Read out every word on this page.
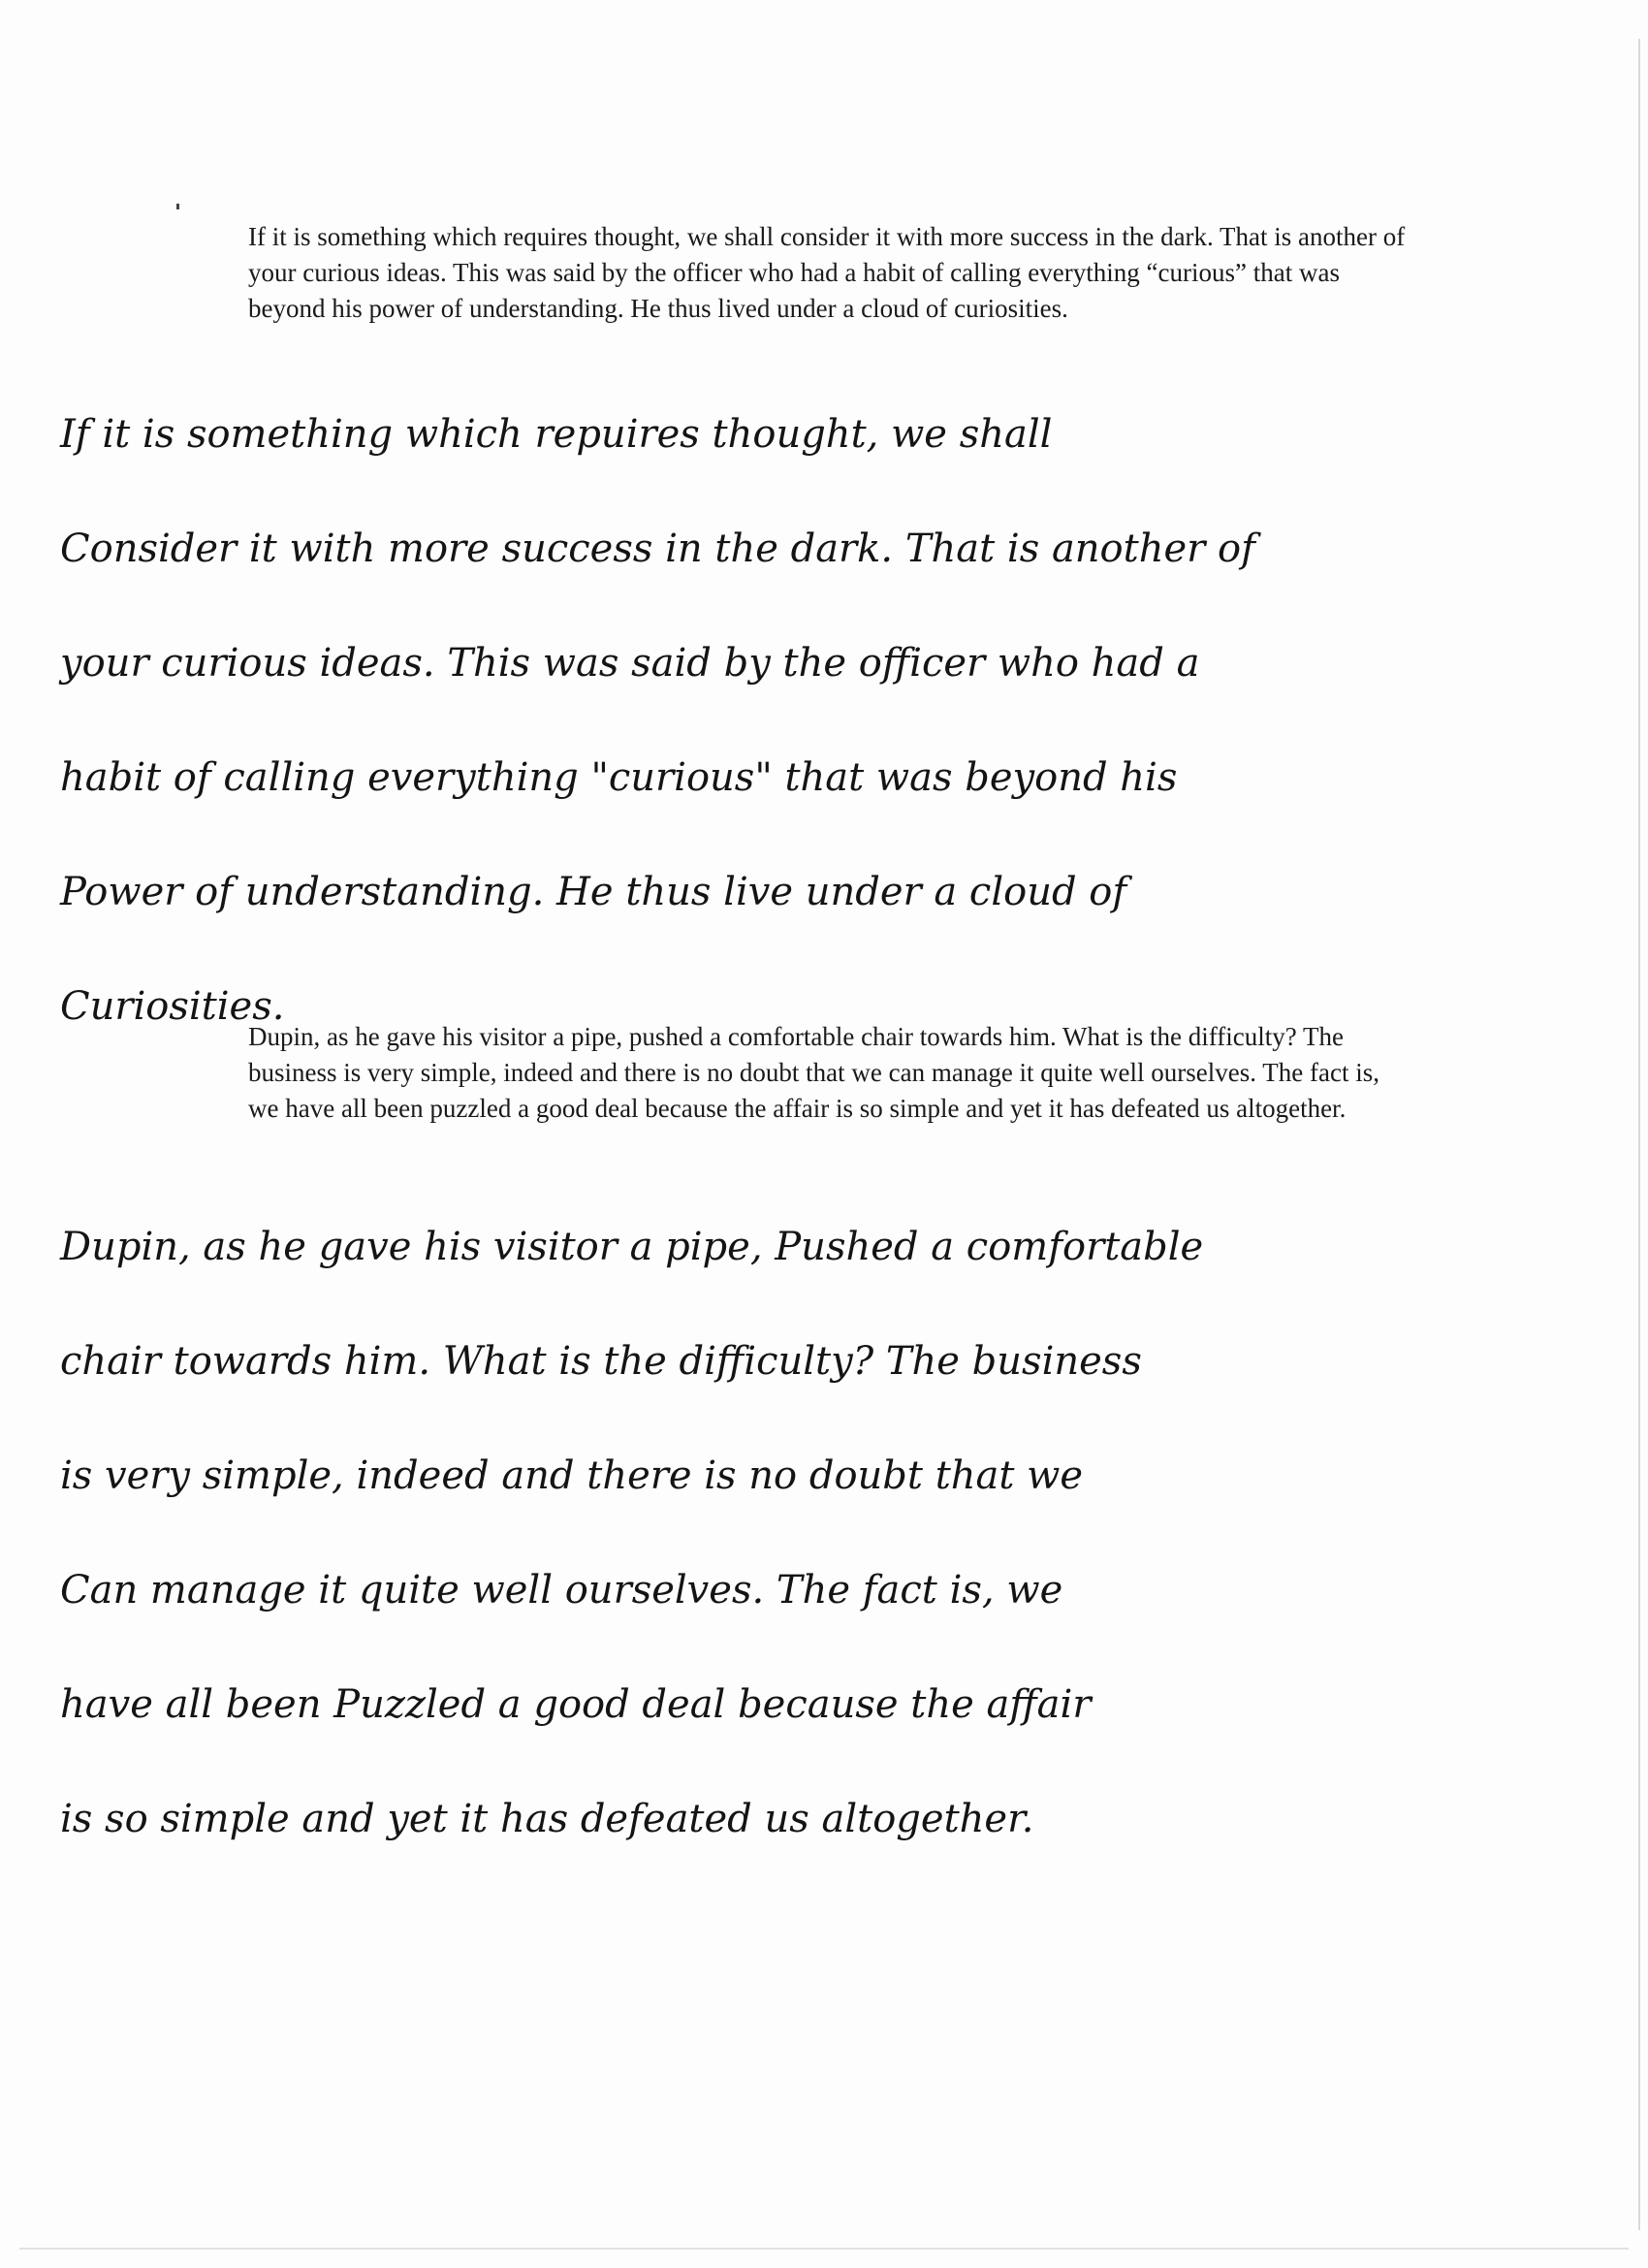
If it is something which requires thought, we shall consider it with more success in the dark. That is another of your curious ideas. This was said by the officer who had a habit of calling everything “curious” that was beyond his power of understanding. He thus lived under a cloud of curiosities.

If it is something which repuires thought, we shall
Consider it with more success in the dark. That is another of
your curious ideas. This was said by the officer who had a
habit of calling everything "curious" that was beyond his
Power of understanding. He thus live under a cloud of
Curiosities.

Dupin, as he gave his visitor a pipe, pushed a comfortable chair towards him. What is the difficulty? The business is very simple, indeed and there is no doubt that we can manage it quite well ourselves. The fact is, we have all been puzzled a good deal because the affair is so simple and yet it has defeated us altogether.

Dupin, as he gave his visitor a pipe, Pushed a comfortable
chair towards him. What is the difficulty? The business
is very simple, indeed and there is no doubt that we
Can manage it quite well ourselves. The fact is, we
have all been Puzzled a good deal because the affair
is so simple and yet it has defeated us altogether.
